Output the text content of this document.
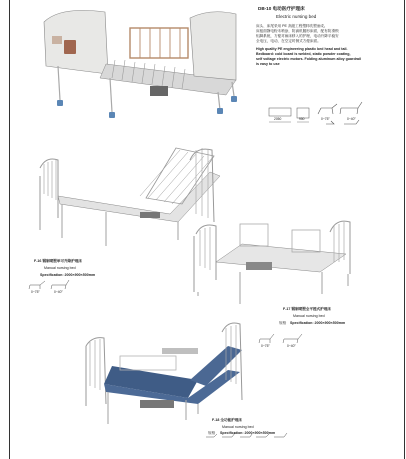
DB-10 电动医疗护理床
Electric nursing bed
床头、床尾采用 PE 高级工程塑料吹塑而成。
床板面静电粉末喷涂，防滴机腰形床面，配有防滑锁
铝脚系统，方便对病床移入的护理，电动升降平稳安
全电压，电动，在空定时侧式方便床面。
High quality PE engineering plastic bed head and tail.
Bedboard: cold board is welded, static powder coating,
self voltage electric motors. Folding aluminum alloy guardrail
is easy to use
2050	950	0~75°	0~40°
F-16 钢制喷塑单可升降护理床
Manual nursing bed
Specification: 2000×900×500mm
0~75°	0~40°
F-17 钢制喷塑全平摇式护理床
Manual nursing bed
规格 Specification: 2000×900×500mm
0~75°	0~40°
F-18 全功能护理床
Manual nursing bed
规格 Specification: 2000×900×500mm
